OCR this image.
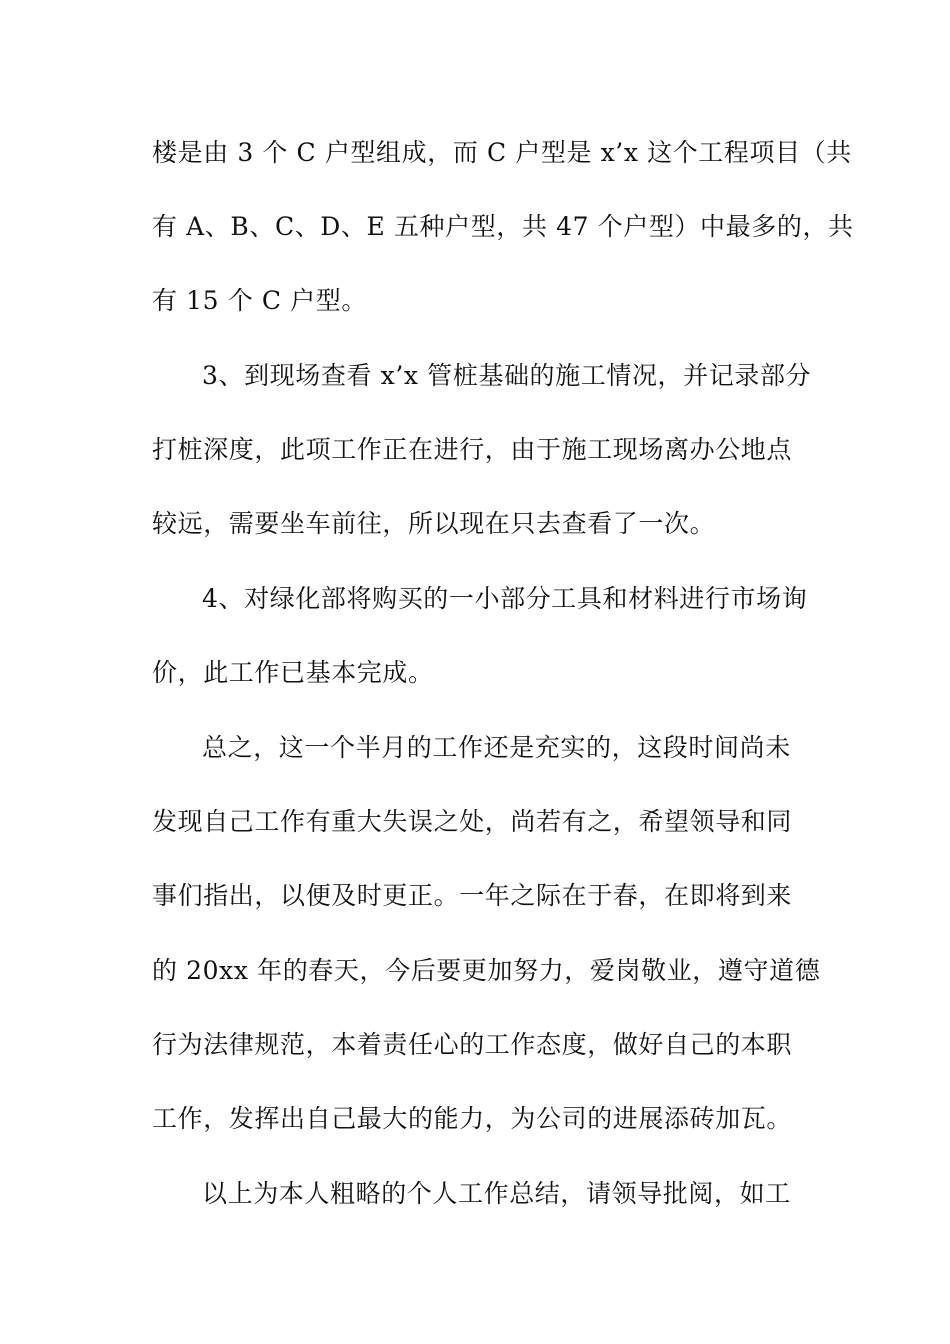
楼是由 3 个 C 户型组成，而 C 户型是 x’x 这个工程项目（共
有 A、B、C、D、E 五种户型，共 47 个户型）中最多的，共
有 15 个 C 户型。
3、到现场查看 x’x 管桩基础的施工情况，并记录部分
打桩深度，此项工作正在进行，由于施工现场离办公地点
较远，需要坐车前往，所以现在只去查看了一次。
4、对绿化部将购买的一小部分工具和材料进行市场询
价，此工作已基本完成。
总之，这一个半月的工作还是充实的，这段时间尚未
发现自己工作有重大失误之处，尚若有之，希望领导和同
事们指出，以便及时更正。一年之际在于春，在即将到来
的 20xx 年的春天，今后要更加努力，爱岗敬业，遵守道德
行为法律规范，本着责任心的工作态度，做好自己的本职
工作，发挥出自己最大的能力，为公司的进展添砖加瓦。
以上为本人粗略的个人工作总结，请领导批阅，如工
